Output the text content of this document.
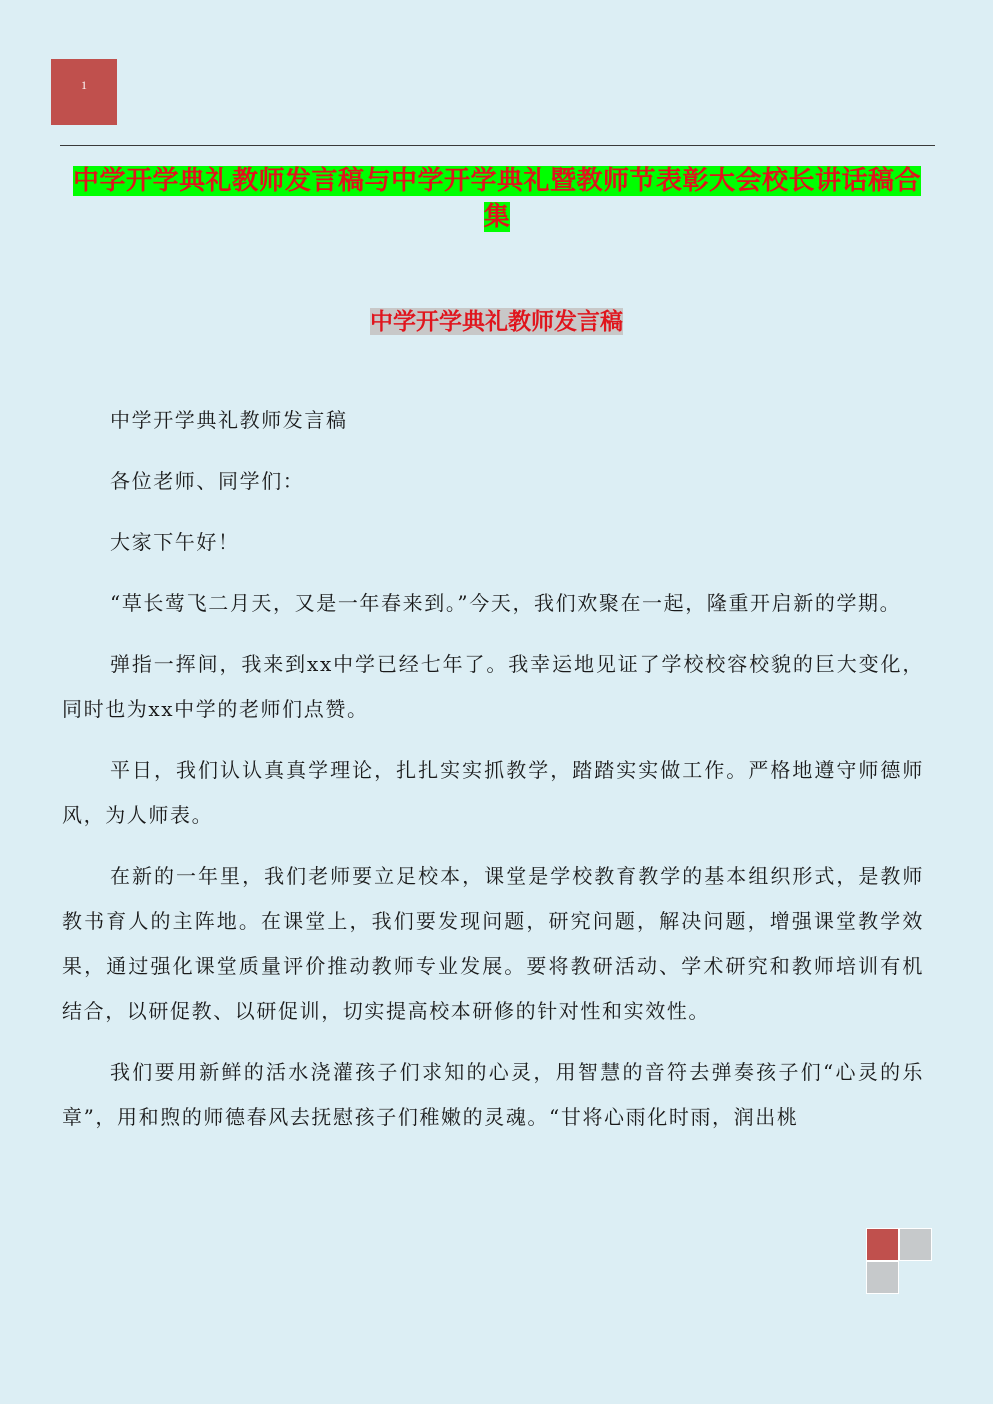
1
中学开学典礼教师发言稿与中学开学典礼暨教师节表彰大会校长讲话稿合集
中学开学典礼教师发言稿

中学开学典礼教师发言稿

各位老师、同学们：

大家下午好！

“草长莺飞二月天，又是一年春来到。”今天，我们欢聚在一起，隆重开启新的学期。

弹指一挥间，我来到xx中学已经七年了。我幸运地见证了学校校容校貌的巨大变化，同时也为xx中学的老师们点赞。

平日，我们认认真真学理论，扎扎实实抓教学，踏踏实实做工作。严格地遵守师德师风，为人师表。

在新的一年里，我们老师要立足校本，课堂是学校教育教学的基本组织形式，是教师教书育人的主阵地。在课堂上，我们要发现问题，研究问题，解决问题，增强课堂教学效果，通过强化课堂质量评价推动教师专业发展。要将教研活动、学术研究和教师培训有机结合，以研促教、以研促训，切实提高校本研修的针对性和实效性。

我们要用新鲜的活水浇灌孩子们求知的心灵，用智慧的音符去弹奏孩子们“心灵的乐章”，用和煦的师德春风去抚慰孩子们稚嫩的灵魂。“甘将心雨化时雨，润出桃
